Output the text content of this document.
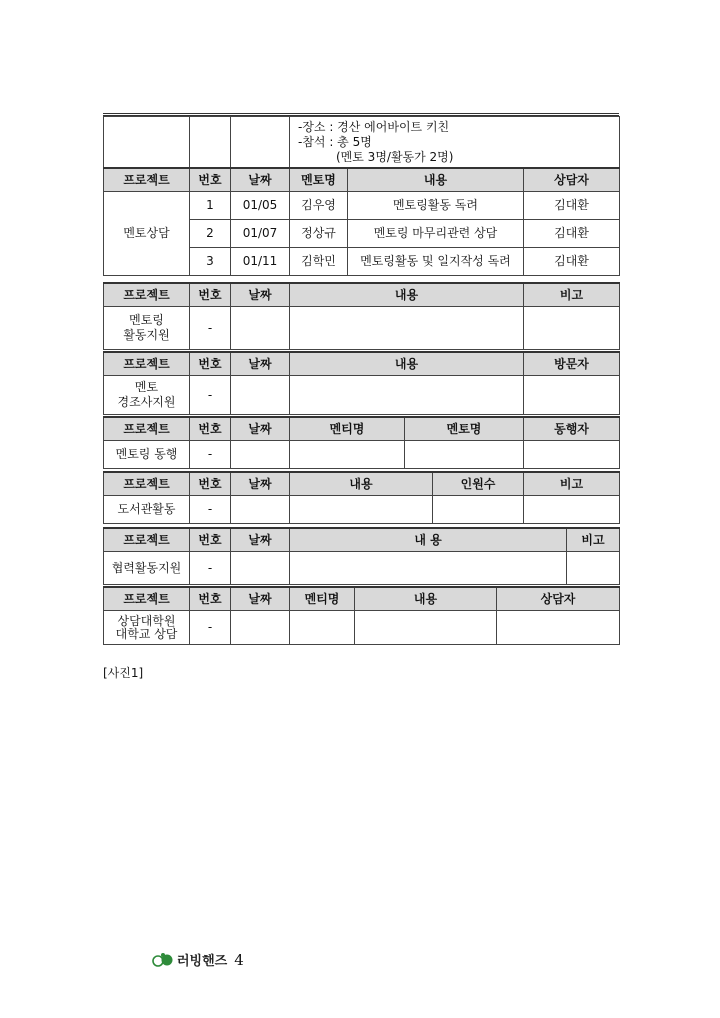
			-장소 : 경산 에어바이트 키친
-참석 : 총 5명
(멘토 3명/활동가 2명)		

프로젝트	번호	날짜	멘토명	내용	상담자
멘토상담	1	01/05	김우영	멘토링활동 독려	김대환
	2	01/07	정상규	멘토링 마무리관련 상담	김대환
	3	01/11	김학민	멘토링활동 및 일지작성 독려	김대환
프로젝트	번호	날짜	내용	비고

멘토링
활동지원	-			
프로젝트	번호	날짜	내용	방문자

멘토
경조사지원	-			
프로젝트	번호	날짜	멘티명	멘토명	동행자
멘토링 동행	-				
프로젝트	번호	날짜	내용	인원수	비고
도서관활동	-				
프로젝트	번호	날짜	내 용	비고
협력활동지원	-			
프로젝트	번호	날짜	멘티명	내용	상담자

상담대학원
대학교 상담	-				
[사진1]
러빙핸즈 4
